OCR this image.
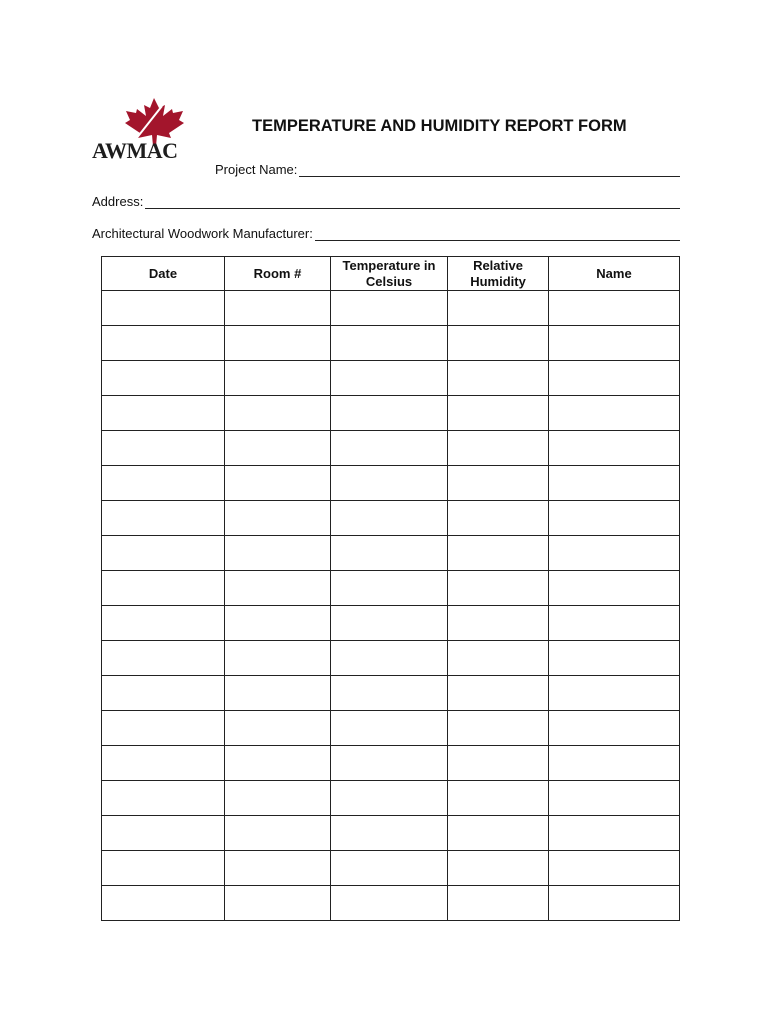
AWMAC
TEMPERATURE AND HUMIDITY REPORT FORM
Project Name:
Address:
Architectural Woodwork Manufacturer:
Date	Room #	Temperature in Celsius	Relative Humidity	Name
